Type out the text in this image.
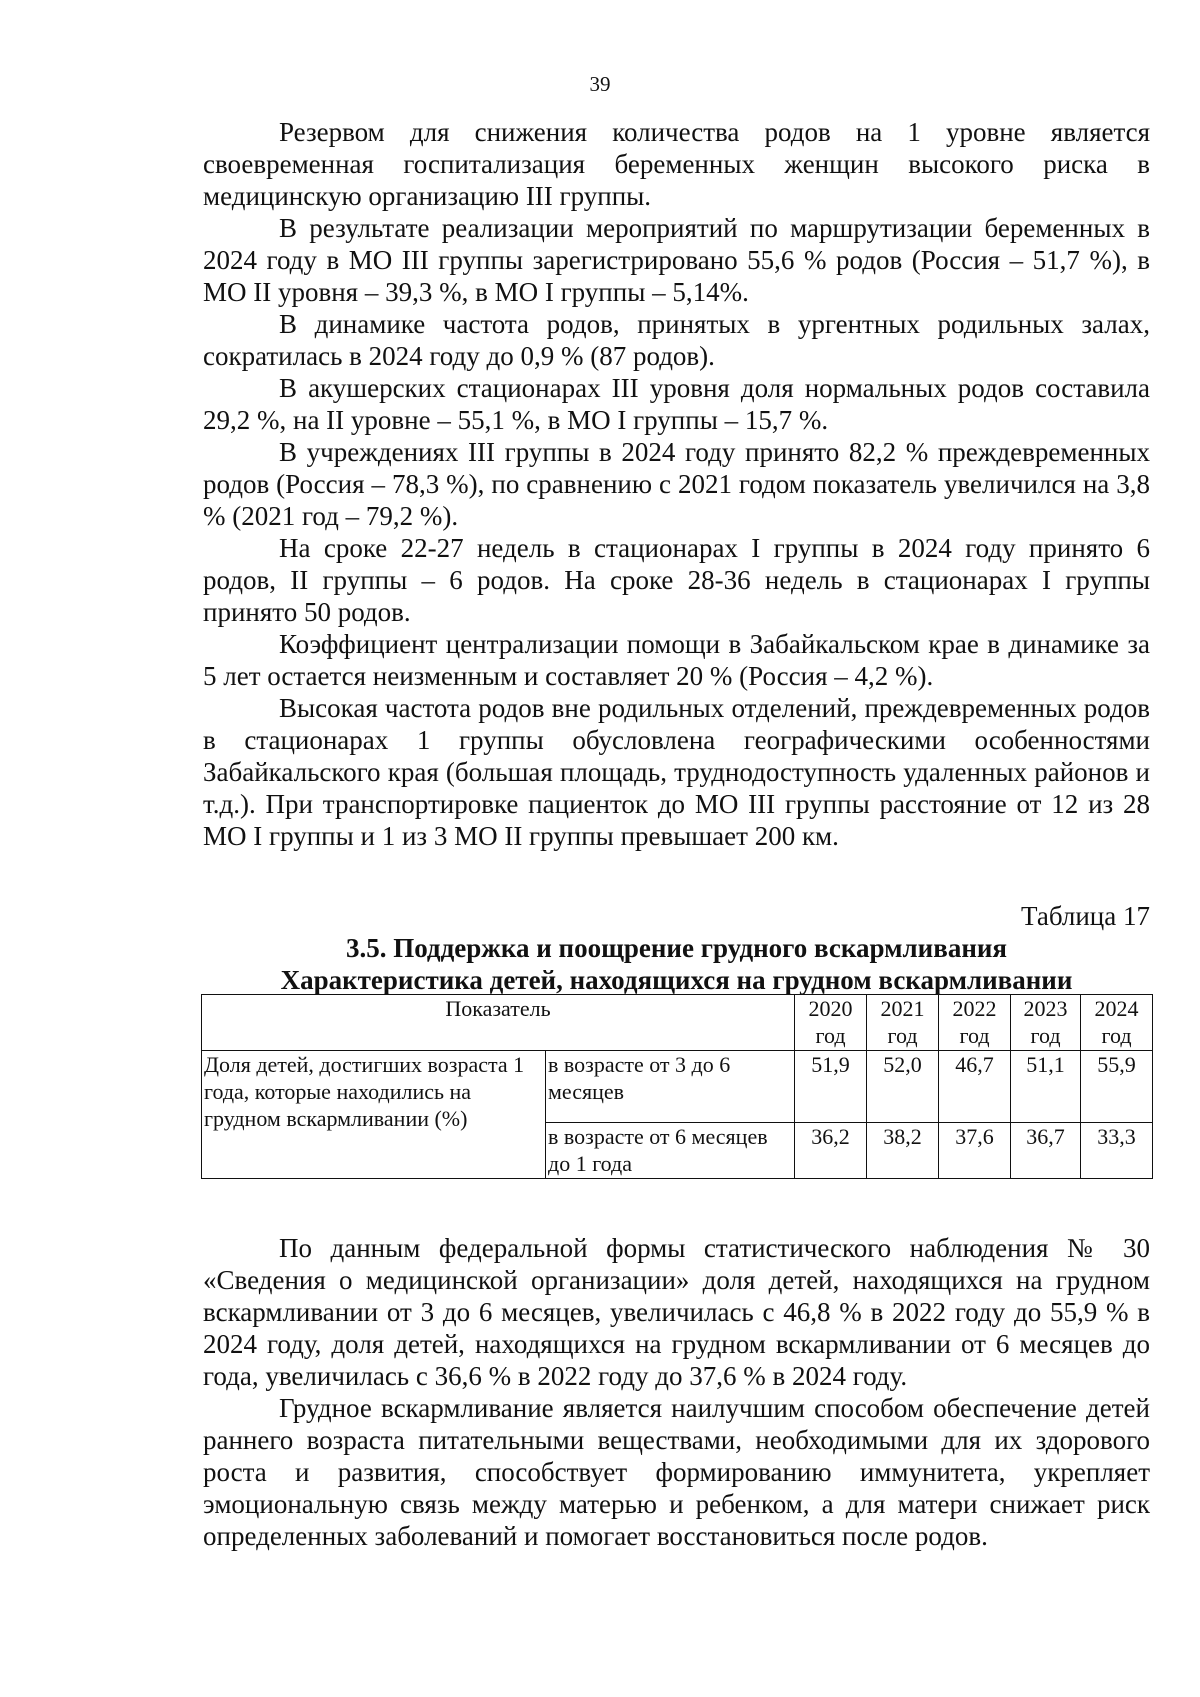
39

Резервом для снижения количества родов на 1 уровне является своевременная госпитализация беременных женщин высокого риска в медицинскую организацию III группы.

В результате реализации мероприятий по маршрутизации беременных в 2024 году в МО III группы зарегистрировано 55,6 % родов (Россия – 51,7 %), в МО II уровня – 39,3 %, в МО I группы – 5,14%.

В динамике частота родов, принятых в ургентных родильных залах, сократилась в 2024 году до 0,9 % (87 родов).

В акушерских стационарах III уровня доля нормальных родов составила 29,2 %, на II уровне – 55,1 %, в МО I группы – 15,7 %.

В учреждениях III группы в 2024 году принято 82,2 % преждевременных родов (Россия – 78,3 %), по сравнению с 2021 годом показатель увеличился на 3,8 % (2021 год – 79,2 %).

На сроке 22-27 недель в стационарах I группы в 2024 году принято 6 родов, II группы – 6 родов. На сроке 28-36 недель в стационарах I группы принято 50 родов.

Коэффициент централизации помощи в Забайкальском крае в динамике за 5 лет остается неизменным и составляет 20 % (Россия – 4,2 %).

Высокая частота родов вне родильных отделений, преждевременных родов в стационарах 1 группы обусловлена географическими особенностями Забайкальского края (большая площадь, труднодоступность удаленных районов и т.д.). При транспортировке пациенток до МО III группы расстояние от 12 из 28 МО I группы и 1 из 3 МО II группы превышает 200 км.

Таблица 17
3.5. Поддержка и поощрение грудного вскармливания
Характеристика детей, находящихся на грудном вскармливании
Показатель		2020 год	2021 год	2022 год	2023 год	2024 год
Доля детей, достигших возраста 1 года, которые находились на грудном вскармливании (%)	в возрасте от 3 до 6 месяцев	51,9	52,0	46,7	51,1	55,9
	в возрасте от 6 месяцев до 1 года	36,2	38,2	37,6	36,7	33,3

По данным федеральной формы статистического наблюдения № 30 «Сведения о медицинской организации» доля детей, находящихся на грудном вскармливании от 3 до 6 месяцев, увеличилась с 46,8 % в 2022 году до 55,9 % в 2024 году, доля детей, находящихся на грудном вскармливании от 6 месяцев до года, увеличилась с 36,6 % в 2022 году до 37,6 % в 2024 году.

Грудное вскармливание является наилучшим способом обеспечение детей раннего возраста питательными веществами, необходимыми для их здорового роста и развития, способствует формированию иммунитета, укрепляет эмоциональную связь между матерью и ребенком, а для матери снижает риск определенных заболеваний и помогает восстановиться после родов.
